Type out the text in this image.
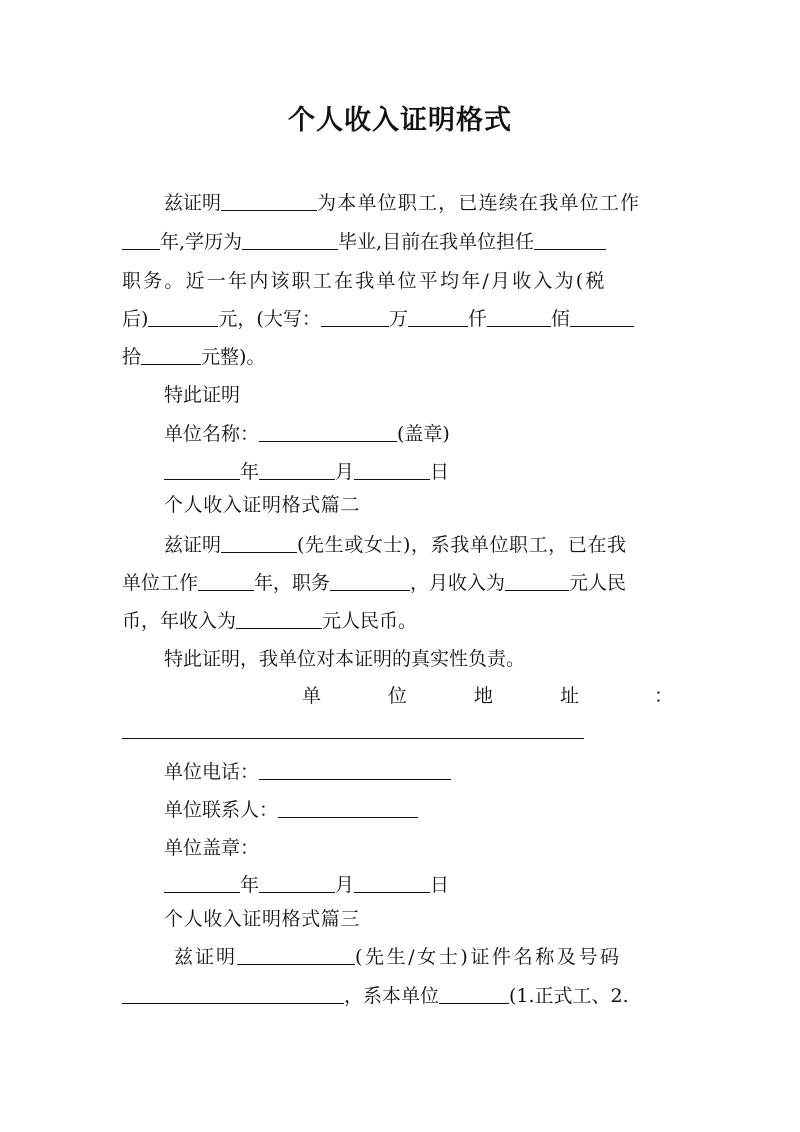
个人收入证明格式
兹证明	为本单位职工，已连续在我单位工作
年,学历为	毕业,目前在我单位担任
职务。近一年内该职工在我单位平均年/月收入为(税
后)	元，(大写：	万	仟	佰
拾	元整)。
特此证明
单位名称：	(盖章)
年	月	日
个人收入证明格式篇二
兹证明	(先生或女士)，系我单位职工，已在我
单位工作	年，职务	，月收入为	元人民
币，年收入为	元人民币。
特此证明，我单位对本证明的真实性负责。
单	位	地	址	：
单位电话：
单位联系人：
单位盖章：
年	月	日
个人收入证明格式篇三
兹证明	(先生/女士)证件名称及号码
，系本单位	(1.正式工、2.
